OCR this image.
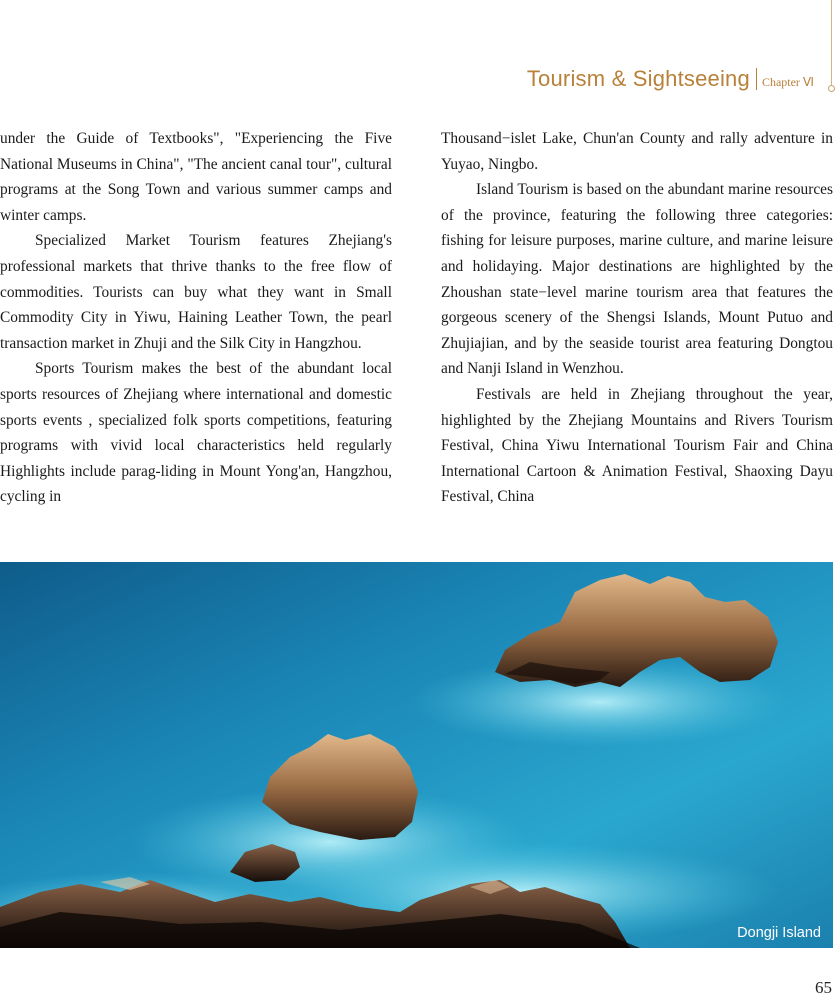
Tourism & Sightseeing Chapter Ⅵ

under the Guide of Textbooks", "Experiencing the Five National Museums in China", "The ancient canal tour", cultural programs at the Song Town and various summer camps and winter camps.

Specialized Market Tourism features Zhejiang's professional markets that thrive thanks to the free flow of commodities. Tourists can buy what they want in Small Commodity City in Yiwu, Haining Leather Town, the pearl transaction market in Zhuji and the Silk City in Hangzhou.

Sports Tourism makes the best of the abundant local sports resources of Zhejiang where international and domestic sports events , specialized folk sports competitions, featuring programs with vivid local characteristics held regularly Highlights include parag-liding in Mount Yong'an, Hangzhou, cycling in

Thousand−islet Lake, Chun'an County and rally adventure in Yuyao, Ningbo.

Island Tourism is based on the abundant marine resources of the province, featuring the following three categories: fishing for leisure purposes, marine culture, and marine leisure and holidaying. Major destinations are highlighted by the Zhoushan state−level marine tourism area that features the gorgeous scenery of the Shengsi Islands, Mount Putuo and Zhujiajian, and by the seaside tourist area featuring Dongtou and Nanji Island in Wenzhou.

Festivals are held in Zhejiang throughout the year, highlighted by the Zhejiang Mountains and Rivers Tourism Festival, China Yiwu International Tourism Fair and China International Cartoon & Animation Festival, Shaoxing Dayu Festival, China

Dongji Island
65
